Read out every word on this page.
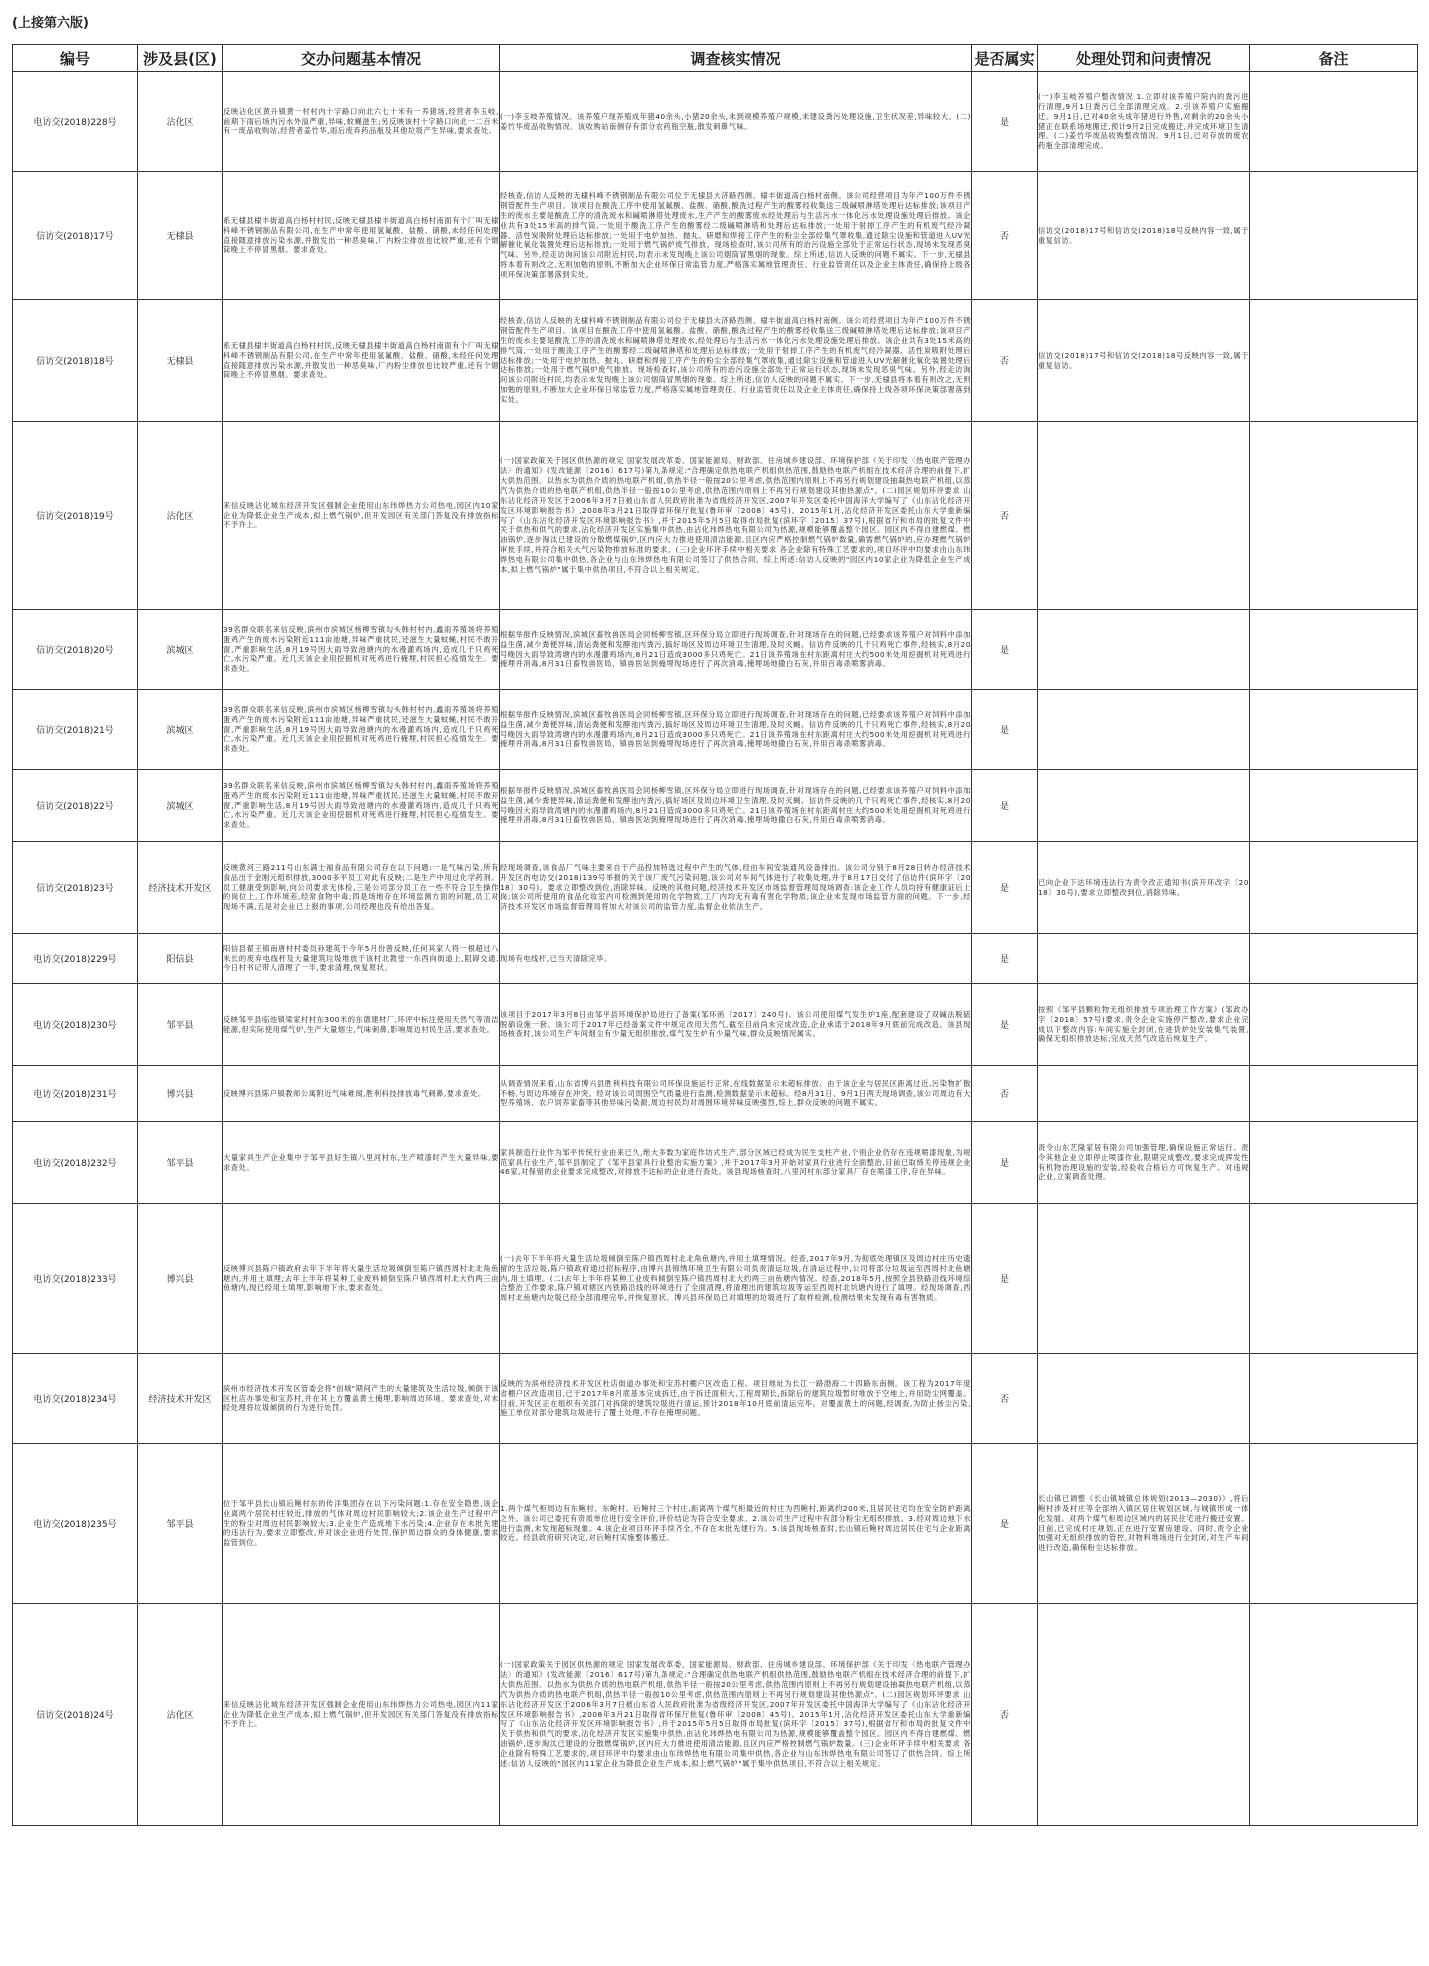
(上接第六版)
编号	涉及县(区)	交办问题基本情况	调查核实情况	是否属实	处理处罚和问责情况	备注
电访交(2018)228号	沾化区	反映沾化区黄升镇黄一村村内十字路口向北六七十米有一养猪场,经营者李玉岐,前期下雨后场内污水外溢严重,异味,蚊蝇滋生;另反映该村十字路口向北一二百米有一废品收购站,经营者姜竹华,雨后废弃药品瓶及其他垃圾产生异味,要求查处。	(一)李玉岐养殖情况。该养殖户现养殖成年猪40余头,小猪20余头,未到规模养殖户规模,未建设粪污处理设施,卫生状况差,异味较大。(二)姜竹华废品收购情况。该收购站南侧存有部分农药瓶空瓶,散发刺鼻气味。	是	(一)李玉岐养殖户整改情况 1.立即对该养殖户院内的粪污进行清理,9月1日粪污已全部清理完成。2.引该养殖户实施搬迁。9月1日,已对40余头成年猪进行外售,对剩余的20余头小猪正在联系场地搬迁,预计9月2日完成搬迁,并完成环境卫生清理。(二)姜竹华废品收购整改情况。9月1日,已对存放的废农药瓶全部清理完成。	

信访交(2018)17号	无棣县	系无棣县棣丰街道高白杨村村民,反映无棣县棣丰街道高白杨村南面有个厂叫无棣科峰不锈钢制品有限公司,在生产中常年使用氢氟酸、盐酸、硝酸,未经任何处理直接随意排放污染水源,并散发出一种恶臭味,厂内粉尘排放也比较严重,还有个烟筒晚上不停冒黑烟。要求查处。	经核查,信访人反映的无棣科峰不锈钢制品有限公司位于无棣县大济路西侧、棣丰街道高白杨村南侧。该公司经营项目为年产100万件不锈钢管配件生产项目。该项目在酸洗工序中使用氢氟酸、盐酸、硝酸,酸洗过程产生的酸雾经收集送三级碱喷淋塔处理后达标排放;该项目产生的废水主要是酸洗工序的清洗废水和碱喷淋塔处理废水,生产产生的酸雾废水经处理后与生活污水一体化污水处理设施处理后排放。该企业共有3处15米高的排气筒,一处用于酸洗工序产生的酸雾经二级碱喷淋塔和处理后达标排放;一处用于射掉工序产生的有机废气经冷凝器、活性炭吸附处理后达标排放;一处用于电炉加热、抛丸、研磨和焊接工序产生的粉尘全部经集气罩收集,通过除尘设施和管道进入UV光解催化氧化装置处理后达标排放;一处用于燃气锅炉废气排放。现场检查时,该公司所有的治污设施全部处于正常运行状态,现场未发现恶臭气味。另外,经走访询问该公司附近村民,均表示未发现晚上该公司烟筒冒黑烟的现象。综上所述,信访人反映的问题不属实。下一步,无棣县将本着有则改之,无则加勉的原则,不断加大企业环保日常监管力度,严格落实属地管理责任、行业监管责任以及企业主体责任,确保持上级各项环保决策部署落到实处。	否	信访交(2018)17号和信访交(2018)18号反映内容一致,属于重复信访。	

信访交(2018)18号	无棣县	系无棣县棣丰街道高白杨村村民,反映无棣县棣丰街道高白杨村南面有个厂叫无棣科峰不锈钢制品有限公司,在生产中常年使用氢氟酸、盐酸、硝酸,未经任何处理直接随意排放污染水源,并散发出一种恶臭味,厂内粉尘排放也比较严重,还有个烟筒晚上不停冒黑烟。要求查处。	经核查,信访人反映的无棣科峰不锈钢制品有限公司位于无棣县大济路西侧、棣丰街道高白杨村南侧。该公司经营项目为年产100万件不锈钢管配件生产项目。该项目在酸洗工序中使用氢氟酸、盐酸、硝酸,酸洗过程产生的酸雾经收集送三级碱喷淋塔处理后达标排放;该项目产生的废水主要是酸洗工序的清洗废水和碱喷淋塔处理废水,经处理后与生活污水一体化污水处理设施处理后排放。该企业共有3处15米高的排气筒,一处用于酸洗工序产生的酸雾经二级碱喷淋塔和处理后达标排放;一处用于射掉工序产生的有机废气经冷凝器、活性炭吸附处理后达标排放;一处用于电炉加热、抛丸、研磨和焊接工序产生的粉尘全部经集气罩收集,通过除尘设施和管道进入UV光解催化氧化装置处理后达标排放;一处用于燃气锅炉废气排放。现场检查时,该公司所有的治污设施全部处于正常运行状态,现场未发现恶臭气味。另外,经走访询问该公司附近村民,均表示未发现晚上该公司烟筒冒黑烟的现象。综上所述,信访人反映的问题不属实。下一步,无棣县将本着有则改之,无则加勉的原则,不断加大企业环保日常监管力度,严格落实属地管理责任、行业监管责任以及企业主体责任,确保持上级各项环保决策部署落到实处。	否	信访交(2018)17号和信访交(2018)18号反映内容一致,属于重复信访。	

信访交(2018)19号	沾化区	来信反映沾化城东经济开发区强制企业使用山东玮烨热力公司热电,园区内10家企业为降低企业生产成本,拟上燃气锅炉,但开发园区有关部门答复没有排放指标不予许上。	(一)国家政策关于园区供热源的规定 国家发展改革委、国家能源局、财政部、住房城乡建设部、环境保护部《关于印发〈热电联产管理办法〉的通知》(发改能源〔2016〕617号)第九条规定:"合理确定供热电联产机组供热范围,鼓励热电联产机组在技术经济合理的前提下,扩大供热范围。以热水为供热介质的热电联产机组,供热半径一般按20公里考虑,供热范围内原则上不再另行规划建设抽凝热电联产机组,以蒸汽为供热介质的热电联产机组,供热半径一般按10公里考虑,供热范围内原则上不再另行规划建设其他热源点"。(二)园区规划环评要求 山东沾化经济开发区于2006年3月7日被山东省人民政府批准为省级经济开发区,2007年开发区委托中国海洋大学编写了《山东沾化经济开发区环境影响报告书》,2008年3月21日取得省环保厅批复(鲁环审〔2008〕45号)。2015年1月,沾化经济开发区委托山东大学重新编写了《山东沾化经济开发区环境影响报告书》,并于2015年5月5日取得市局批复(滨环字〔2015〕37号),根据省厅和市局的批复文件中关于供热和供气的要求,沾化经济开发区实施集中供热,由沾化玮烨热电有限公司为热源,规模能够覆盖整个园区。园区内不得自建燃煤、燃油锅炉,逐步淘汰已建设的分散燃煤锅炉,区内应大力推进使用清洁能源,且区内应严格控制燃气锅炉数量,确需燃气锅炉的,应办理燃气锅炉审批手续,并符合相关大气污染物排放标准的要求。(三)企业环评手续中相关要求 各企业除有特殊工艺要求的,项目环评中均要求由山东玮烨热电有限公司集中供热,各企业与山东玮烨热电有限公司签订了供热合同。综上所述:信访人反映的"园区内10家企业为降低企业生产成本,拟上燃气锅炉"属于集中供热项目,不符合以上相关规定。	否	

信访交(2018)20号	滨城区	39名群众联名来信反映,滨州市滨城区杨柳雪镇勾头韩村村内,鑫雨养殖场将养殖蛋鸡产生的废水污染附近111亩池塘,异味严重扰民,还滋生大量蚊蝇,村民不敢开窗,严重影响生活,8月19号因大雨导致池塘内的水漫灌鸡场内,造成几千只鸡死亡,水污染严重。近几天该企业用挖掘机对死鸡进行掩埋,村民担心疫情发生。要求查处。	根据举报件反映情况,滨城区畜牧兽医局会同杨柳雪镇,区环保分局立即进行现场调查,针对现场存在的问题,已经要求该养殖户对饲料中添加益生菌,减少粪便异味,清运粪便和发酵池内粪污,搞好场区及周边环境卫生清理,及时灭蝇。信访件反映的几千只鸡死亡事件,经核实,8月20号晚因大雨导致湾塘内的水漫灌鸡场内,8月21日造成3000多只鸡死亡。21日该养殖场在村东距离村庄大约500米处用挖掘机对死鸡进行掩埋并消毒,8月31日畜牧兽医局、镇兽医站到掩埋现场进行了再次消毒,掩埋场地撒白石灰,并用百毒杀喷雾消毒。	是	

信访交(2018)21号	滨城区	39名群众联名来信反映,滨州市滨城区杨柳雪镇勾头韩村村内,鑫雨养殖场将养殖蛋鸡产生的废水污染附近111亩池塘,异味严重扰民,还滋生大量蚊蝇,村民不敢开窗,严重影响生活,8月19号因大雨导致池塘内的水漫灌鸡场内,造成几千只鸡死亡,水污染严重。近几天该企业用挖掘机对死鸡进行掩埋,村民担心疫情发生。要求查处。	根据举报件反映情况,滨城区畜牧兽医局会同杨柳雪镇,区环保分局立即进行现场调查,针对现场存在的问题,已经要求该养殖户对饲料中添加益生菌,减少粪便异味,清运粪便和发酵池内粪污,搞好场区及周边环境卫生清理,及时灭蝇。信访件反映的几千只鸡死亡事件,经核实,8月20号晚因大雨导致湾塘内的水漫灌鸡场内,8月21日造成3000多只鸡死亡。21日该养殖场在村东距离村庄大约500米处用挖掘机对死鸡进行掩埋并消毒,8月31日畜牧兽医局、镇兽医站到掩埋现场进行了再次消毒,掩埋场地撒白石灰,并用百毒杀喷雾消毒。	是	

信访交(2018)22号	滨城区	39名群众联名来信反映,滨州市滨城区杨柳雪镇勾头韩村村内,鑫雨养殖场将养殖蛋鸡产生的废水污染附近111亩池塘,异味严重扰民,还滋生大量蚊蝇,村民不敢开窗,严重影响生活,8月19号因大雨导致池塘内的水漫灌鸡场内,造成几千只鸡死亡,水污染严重。近几天该企业用挖掘机对死鸡进行掩埋,村民担心疫情发生。要求查处。	根据举报件反映情况,滨城区畜牧兽医局会同杨柳雪镇,区环保分局立即进行现场调查,针对现场存在的问题,已经要求该养殖户对饲料中添加益生菌,减少粪便异味,清运粪便和发酵池内粪污,搞好场区及周边环境卫生清理,及时灭蝇。信访件反映的几千只鸡死亡事件,经核实,8月20号晚因大雨导致湾塘内的水漫灌鸡场内,8月21日造成3000多只鸡死亡。21日该养殖场在村东距离村庄大约500米处用挖掘机对死鸡进行掩埋并消毒,8月31日畜牧兽医局、镇兽医站到掩埋现场进行了再次消毒,掩埋场地撒白石灰,并用百毒杀喷雾消毒。	是	

信访交(2018)23号	经济技术开发区	反映黄河三路211号山东满士福食品有限公司存在以下问题:一是气味污染,所有食品出于金刚元组织排放,3000多平员工对此有反映;二是生产中用过化学药剂。员工健康受到影响,向公司要求无体检,三是公司部分员工在一些不符合卫生操作的岗位上,工作环境差,经常食物中毒;四是场地存在环境监测方面的问题,员工对现场不满,五是对企业已上报的事项,公司经理也没有给出答复。	经现场调查,该食品厂气味主要来自于产品投加特选过程中产生的气体,经由车间安装通风设备排出。该公司分别于8月28日转办经济技术开发区的电访交(2018)139号举报的关于该厂废气污染问题,该公司对车间气体进行了收集处理,并于8月17日交付了信访件(滨环字〔2018〕30号)。要求立即整改到位,消除异味。反映的其他问题,经济技术开发区市场监督管理局现场调查:该企业工作人员均持有健康证后上岗;该公司所使用的食品化妆室内可检测到使用的化学物质,工厂内均无有毒有害化学物质;该企业未发现市场监管方面的问题。下一步,经济技术开发区市场监督管理局将加大对该公司的监管力度,监督企业依法生产。	是	已向企业下达环境违法行为责令改正通知书(滨开环改字〔2018〕30号),要求立即整改到位,消除异味。	

电访交(2018)229号	阳信县	阳信县翟王镇南唐村村委员孙建英于今年5月份曾反映,任何其家人将一根超过八米长的废弃电线杆及大量建筑垃圾堆放于该村北教堂一东西向街道上,阻碍交通,今日村书记带人清理了一半,要求清理,恢复原状。	现场有电线杆,已当天清除完毕。	是	

电访交(2018)230号	邹平县	反映邹平县临池镇梁家村村东300米的东德建材厂,环评中标注使用天然气等清洁能源,但实际使用煤气炉,生产大量烟尘,气味刺鼻,影响周边村民生活,要求查处。	该项目于2017年3月8日由邹平县环境保护局进行了备案(邹环函〔2017〕240号)。该公司使用煤气发生炉1座,配套建设了双碱法脱硫脱硝设施一套。该公司于2017年已经备案文件中规定改用天然气,截至目前尚未完成改造,企业承诺于2018年9月底前完成改造。该县现场核查时,该公司生产车间烟尘有少量无组织排放,煤气发生炉有少量气味,群众反映情况属实。	是	按照《邹平县颗粒物无组织排放专项治理工作方案》(邹政办字〔2018〕57号)要求,责令企业实施停产整改,要求企业完成以下整改内容:车间实施全封闭,在进货炉处安装集气装置,确保无组织排放达标;完成天然气改造后恢复生产。	

电访交(2018)231号	博兴县	反映博兴县陈户镇教师公寓附近气味难闻,胜利科技排放毒气刺鼻,要求查处。	从调查情况来看,山东省博兴县胜利科技有限公司环保设施运行正常,在线数据显示未超标排放。由于该企业与居民区距离过近,污染物扩散不畅,与周边环境存在冲突。经对该公司周围空气质量进行监测,检测数据显示未超标。经8月31日、9月1日两天现场调查,该公司周边有大型养殖场、农户饲养家畜等其他异味污染源,周边村民均对周围环境异味反映强烈,综上,群众反映的问题不属实。	否	

电访交(2018)232号	邹平县	大量家具生产企业集中于邹平县好生镇八里河村东,生产喷漆时产生大量异味,要求查处。	家具制造行业作为邹平传统行业由来已久,绝大多数为家庭作坊式生产,部分区域已经成为民生支柱产业,个别企业仍存在违规喷漆现象,为规范家具行业生产,邹平县制定了《邹平县家具行业整治实施方案》,并于2017年3月开始对家具行业进行全面整治,目前已取缔关停违规企业46家,对保留的企业要求完成整改,对排放不达标的企业进行查处。该县现场核查时,八里河村东部分家具厂存在喷漆工序,存在异味。	是	责令山东艺隆家居有限公司加强管理,确保设施正常运行。责令其他企业立即停止喷漆作业,限期完成整改,要求完成挥发性有机物治理设施的安装,经验收合格后方可恢复生产。对违规企业,立案调查处理。	

电访交(2018)233号	博兴县	反映博兴县陈户镇政府去年下半年将大量生活垃圾倾倒至陈户镇西周村北北角鱼塘内,并用土填埋;去年上半年将某种工业废料倾倒至陈户镇西周村北大约两三亩鱼塘内,现已经用土填埋,影响地下水,要求查处。	(一)去年下半年将大量生活垃圾倾倒至陈户镇西周村北北角鱼塘内,并用土填埋情况。经查,2017年9月,为彻底处理镇区及周边村庄历史遗留的生活垃圾,陈户镇政府通过招标程序,由博兴县锦绣环境卫生有限公司负责清运垃圾,在清运过程中,公司将部分垃圾运至西周村北鱼塘内,用土填埋。(二)去年上半年将某种工业废料倾倒至陈户镇西周村北大约两三亩鱼塘内情况。经查,2018年5月,按照全县铁路沿线环境综合整治工作要求,陈户镇对辖区内铁路沿线的环境进行了全面清理,将清理出的建筑垃圾等运至西周村北坑塘内进行了填埋。经现场调查,西周村北鱼塘内垃圾已经全部清理完毕,并恢复原状。博兴县环保局已对填埋的垃圾进行了取样检测,检测结果未发现有毒有害物质。	是	

电访交(2018)234号	经济技术开发区	滨州市经济技术开发区管委会将"创城"期间产生的大量建筑及生活垃圾,倾倒于该区杜店办事处和宝苏村,并在其上方覆盖黄土掩埋,影响周边环境。要求查处,对未经处理将垃圾倾倒的行为进行处罚。	反映的为滨州经济技术开发区杜店街道办事处和宝苏村棚户区改造工程。项目地址为长江一路渤海二十四路东南侧。该工程为2017年度省棚户区改造项目,已于2017年8月底基本完成拆迁,由于拆迁面积大,工程周期长,拆除后的建筑垃圾暂时堆放于空地上,并用防尘网覆盖。目前,开发区正在组织有关部门对拆除的建筑垃圾进行清运,预计2018年10月底前清运完毕。对覆盖黄土的问题,经调查,为防止扬尘污染,施工单位对部分建筑垃圾进行了覆土处理,不存在掩埋问题。	否	

电访交(2018)235号	邹平县	位于邹平县长山镇后鲍村东的传洋集团存在以下污染问题:1.存在安全隐患,该企业离两个居民村庄较近,排放的气体对周边村民影响较大;2.该企业生产过程中产生的粉尘对周边村民影响较大;3.企业生产造成地下水污染;4.企业存在未批先建的违法行为,要求立即整改,并对该企业进行处罚,保护周边群众的身体健康,要求监管到位。	1.两个煤气柜周边有东鲍村、东鲍村、后鲍村三个村庄,距离两个煤气柜最近的村庄为西鲍村,距离约200米,且居民住宅均在安全防护距离之外。该公司已委托有资质单位进行安全评价,评价结论为符合安全要求。2.该公司生产过程中有部分粉尘无组织排放。3.经对周边地下水进行监测,未发现超标现象。4.该企业项目环评手续齐全,不存在未批先建行为。5.该县现场核查时,长山镇后鲍村周边居民住宅与企业距离较近。经县政府研究决定,对后鲍村实施整体搬迁。	是	长山镇已调整《长山镇城镇总体规划(2013—2030)》,将后鲍村涉及村庄等全部纳入镇区居住规划区域,与城镇形成一体化发展。对两个煤气柜周边区域内的居民住宅进行搬迁安置。目前,已完成村庄规划,正在进行安置房建设。同时,责令企业加强对无组织排放的管控,对物料堆场进行全封闭,对生产车间进行改造,确保粉尘达标排放。	

信访交(2018)24号	沾化区	来信反映沾化城东经济开发区强制企业使用山东玮烨热力公司热电,园区内11家企业为降低企业生产成本,拟上燃气锅炉,但开发园区有关部门答复没有排放指标不予许上。	(一)国家政策关于园区供热源的规定 国家发展改革委、国家能源局、财政部、住房城乡建设部、环境保护部《关于印发〈热电联产管理办法〉的通知》(发改能源〔2016〕617号)第九条规定:"合理确定供热电联产机组供热范围,鼓励热电联产机组在技术经济合理的前提下,扩大供热范围。以热水为供热介质的热电联产机组,供热半径一般按20公里考虑,供热范围内原则上不再另行规划建设抽凝热电联产机组,以蒸汽为供热介质的热电联产机组,供热半径一般按10公里考虑,供热范围内原则上不再另行规划建设其他热源点"。(二)园区规划环评要求 山东沾化经济开发区于2006年3月7日被山东省人民政府批准为省级经济开发区,2007年开发区委托中国海洋大学编写了《山东沾化经济开发区环境影响报告书》,2008年3月21日取得省环保厅批复(鲁环审〔2008〕45号)。2015年1月,沾化经济开发区委托山东大学重新编写了《山东沾化经济开发区环境影响报告书》,并于2015年5月5日取得市局批复(滨环字〔2015〕37号),根据省厅和市局的批复文件中关于供热和供气的要求,沾化经济开发区实施集中供热,由沾化玮烨热电有限公司为热源,规模能够覆盖整个园区。园区内不得自建燃煤、燃油锅炉,逐步淘汰已建设的分散燃煤锅炉,区内应大力推进使用清洁能源,且区内应严格控制燃气锅炉数量。(三)企业环评手续中相关要求 各企业除有特殊工艺要求的,项目环评中均要求由山东玮烨热电有限公司集中供热,各企业与山东玮烨热电有限公司签订了供热合同。综上所述:信访人反映的"园区内11家企业为降低企业生产成本,拟上燃气锅炉"属于集中供热项目,不符合以上相关规定。	否	
